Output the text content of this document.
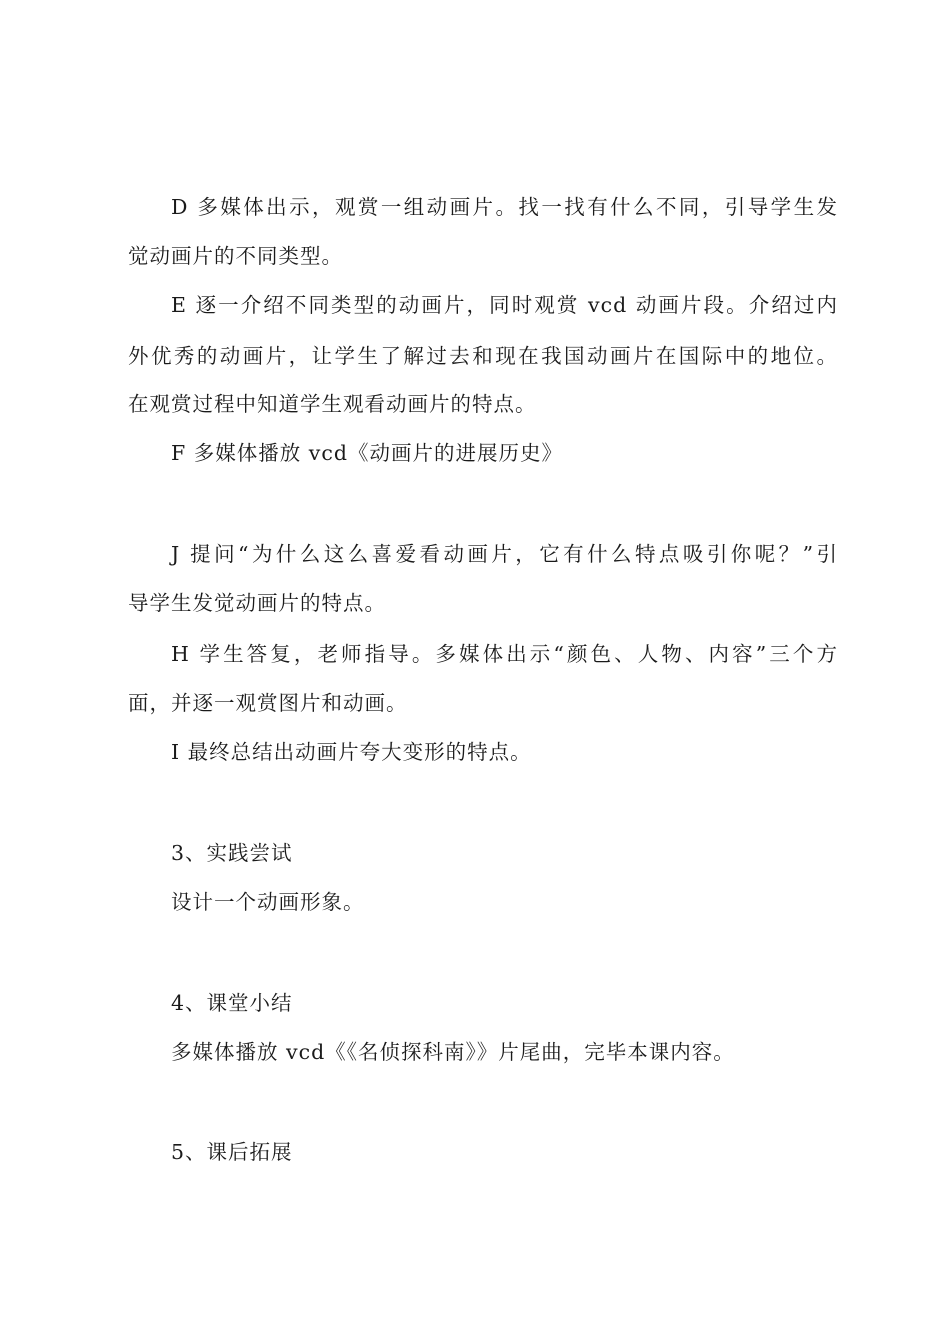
D 多媒体出示，观赏一组动画片。找一找有什么不同，引导学生发
觉动画片的不同类型。
E 逐一介绍不同类型的动画片，同时观赏 vcd 动画片段。介绍过内
外优秀的动画片，让学生了解过去和现在我国动画片在国际中的地位。
在观赏过程中知道学生观看动画片的特点。
F 多媒体播放 vcd《动画片的进展历史》
J 提问“为什么这么喜爱看动画片，它有什么特点吸引你呢？”引
导学生发觉动画片的特点。
H 学生答复，老师指导。多媒体出示“颜色、人物、内容”三个方
面，并逐一观赏图片和动画。
I 最终总结出动画片夸大变形的特点。
3、实践尝试
设计一个动画形象。
4、课堂小结
多媒体播放 vcd《《名侦探科南》》片尾曲，完毕本课内容。
5、课后拓展
